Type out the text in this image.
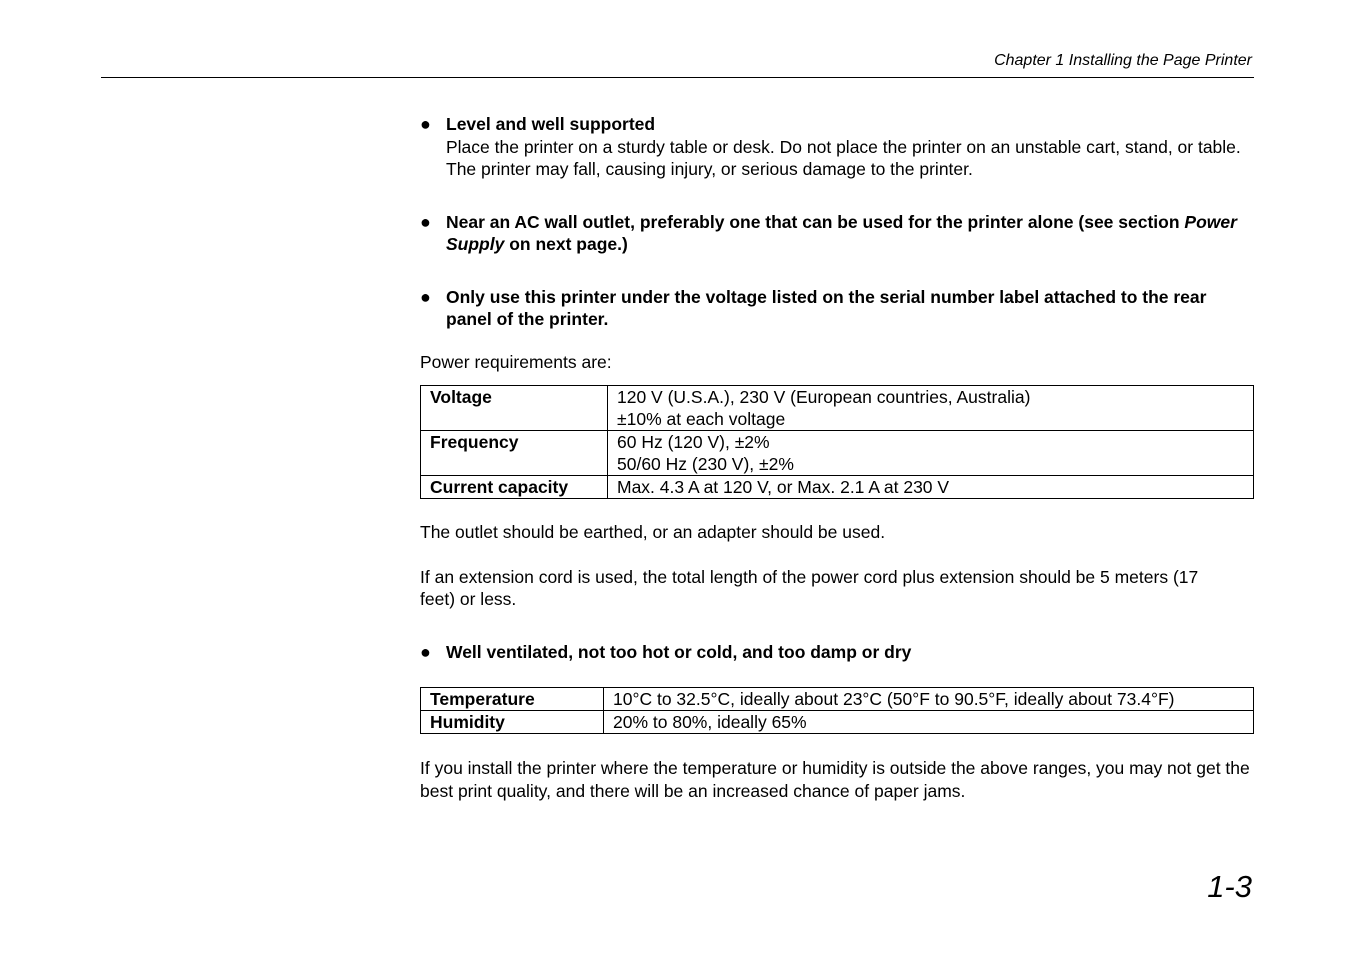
Chapter 1 Installing the Page Printer
● Level and well supported
Place the printer on a sturdy table or desk. Do not place the printer on an unstable cart, stand, or table. The printer may fall, causing injury, or serious damage to the printer.
● Near an AC wall outlet, preferably one that can be used for the printer alone (see section Power Supply on next page.)
● Only use this printer under the voltage listed on the serial number label attached to the rear panel of the printer.

Power requirements are:

Voltage	120 V (U.S.A.), 230 V (European countries, Australia)
±10% at each voltage

Frequency	60 Hz (120 V), ±2%
50/60 Hz (230 V), ±2%

Current capacity	Max. 4.3 A at 120 V, or Max. 2.1 A at 230 V

The outlet should be earthed, or an adapter should be used.

If an extension cord is used, the total length of the power cord plus extension should be 5 meters (17 feet) or less.

● Well ventilated, not too hot or cold, and too damp or dry
Temperature	10°C to 32.5°C, ideally about 23°C (50°F to 90.5°F, ideally about 73.4°F)
Humidity	20% to 80%, ideally 65%

If you install the printer where the temperature or humidity is outside the above ranges, you may not get the best print quality, and there will be an increased chance of paper jams.

1-3
